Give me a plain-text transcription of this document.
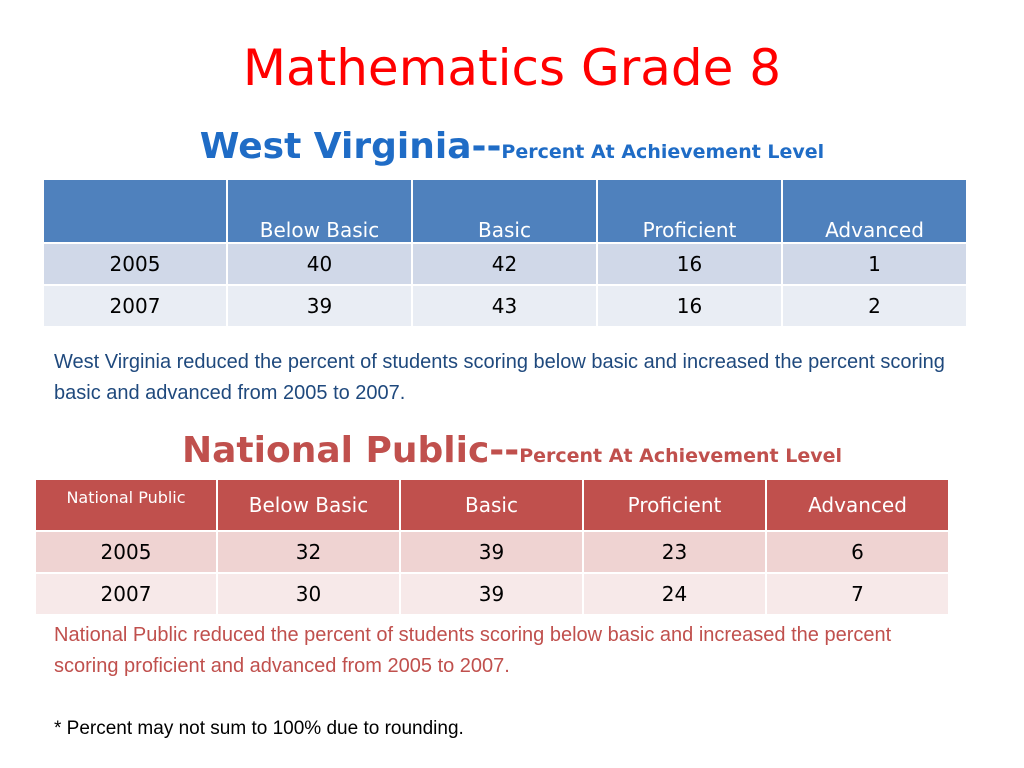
Mathematics Grade 8
West Virginia--Percent At Achievement Level
	Below Basic	Basic	Proficient	Advanced
2005	40	42	16	1
2007	39	43	16	2
West Virginia reduced the percent of students scoring below basic and increased the percent scoring basic and advanced from 2005 to 2007.
National Public--Percent At Achievement Level
National Public	Below Basic	Basic	Proficient	Advanced
2005	32	39	23	6
2007	30	39	24	7
National Public reduced the percent of students scoring below basic and increased the percent scoring proficient and advanced from 2005 to 2007.
* Percent may not sum to 100% due to rounding.
